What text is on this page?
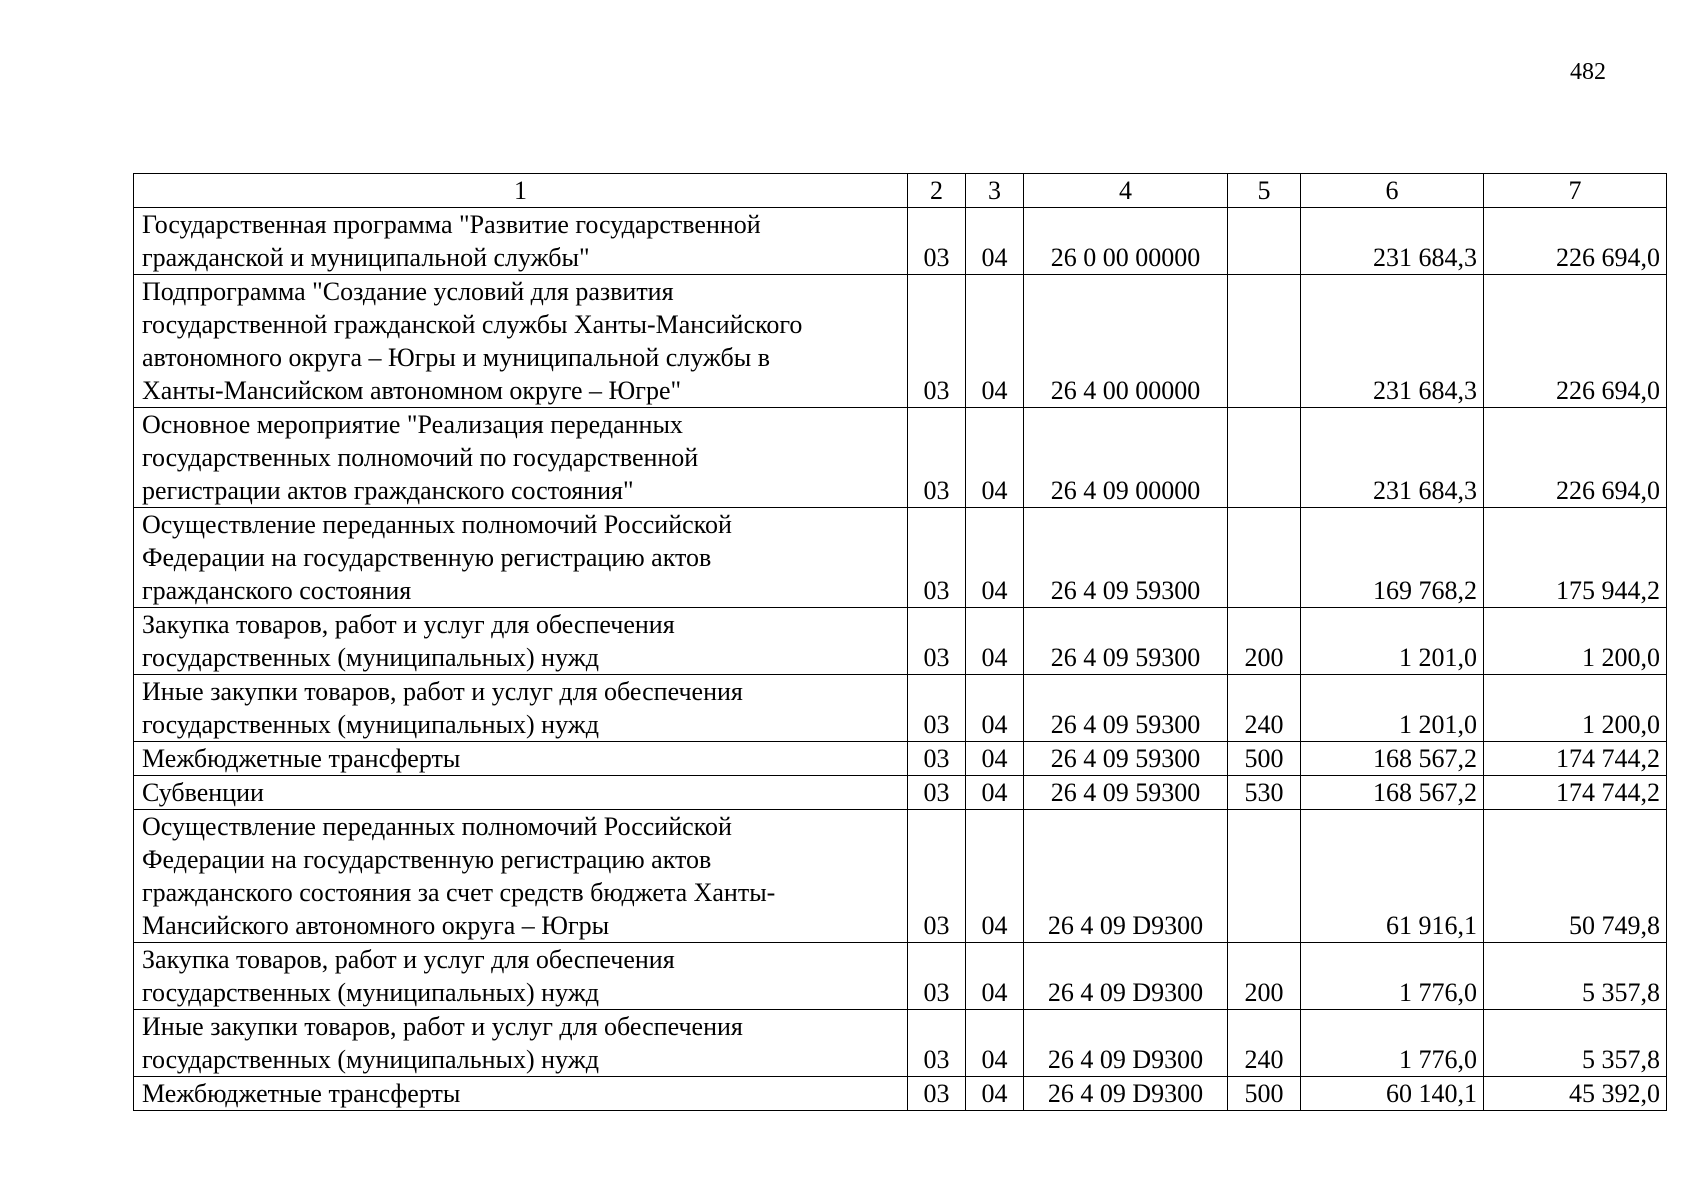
482
1	2	3	4	5	6	7

Государственная программа "Развитие государственной
гражданской и муниципальной службы"	03	04	26 0 00 00000		231 684,3	226 694,0

Подпрограмма "Создание условий для развития
государственной гражданской службы Ханты-Мансийского
автономного округа – Югры и муниципальной службы в
Ханты-Мансийском автономном округе – Югре"	03	04	26 4 00 00000		231 684,3	226 694,0

Основное мероприятие "Реализация переданных
государственных полномочий по государственной
регистрации актов гражданского состояния"	03	04	26 4 09 00000		231 684,3	226 694,0

Осуществление переданных полномочий Российской
Федерации на государственную регистрацию актов
гражданского состояния	03	04	26 4 09 59300		169 768,2	175 944,2

Закупка товаров, работ и услуг для обеспечения
государственных (муниципальных) нужд	03	04	26 4 09 59300	200	1 201,0	1 200,0

Иные закупки товаров, работ и услуг для обеспечения
государственных (муниципальных) нужд	03	04	26 4 09 59300	240	1 201,0	1 200,0

Межбюджетные трансферты	03	04	26 4 09 59300	500	168 567,2	174 744,2

Субвенции	03	04	26 4 09 59300	530	168 567,2	174 744,2

Осуществление переданных полномочий Российской
Федерации на государственную регистрацию актов
гражданского состояния за счет средств бюджета Ханты-
Мансийского автономного округа – Югры	03	04	26 4 09 D9300		61 916,1	50 749,8

Закупка товаров, работ и услуг для обеспечения
государственных (муниципальных) нужд	03	04	26 4 09 D9300	200	1 776,0	5 357,8

Иные закупки товаров, работ и услуг для обеспечения
государственных (муниципальных) нужд	03	04	26 4 09 D9300	240	1 776,0	5 357,8

Межбюджетные трансферты	03	04	26 4 09 D9300	500	60 140,1	45 392,0
